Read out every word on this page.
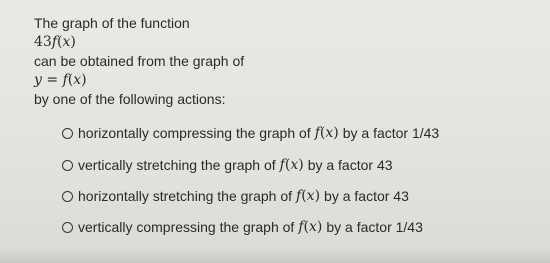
The graph of the function
43f(x)
can be obtained from the graph of
y = f(x)
by one of the following actions:
horizontally compressing the graph of f(x) by a factor 1/43
vertically stretching the graph of f(x) by a factor 43
horizontally stretching the graph of f(x) by a factor 43
vertically compressing the graph of f(x) by a factor 1/43
